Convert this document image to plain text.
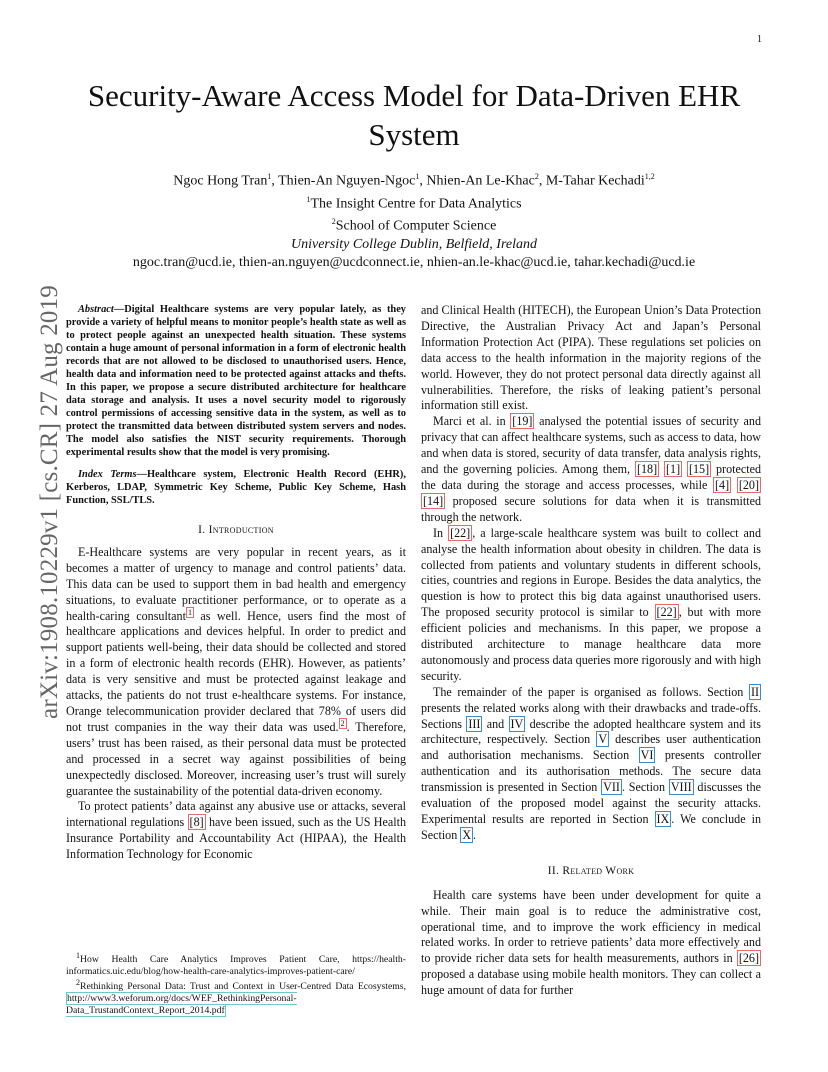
1
arXiv:1908.10229v1 [cs.CR] 27 Aug 2019
Security-Aware Access Model for Data-Driven EHR System
Ngoc Hong Tran$^1$, Thien-An Nguyen-Ngoc$^1$, Nhien-An Le-Khac$^2$, M-Tahar Kechadi$^{1,2}$
$^1$The Insight Centre for Data Analytics
$^2$School of Computer Science
University College Dublin, Belfield, Ireland
ngoc.tran@ucd.ie, thien-an.nguyen@ucdconnect.ie, nhien-an.le-khac@ucd.ie, tahar.kechadi@ucd.ie

Abstract—Digital Healthcare systems are very popular lately, as they provide a variety of helpful means to monitor people’s health state as well as to protect people against an unexpected health situation. These systems contain a huge amount of personal information in a form of electronic health records that are not allowed to be disclosed to unauthorised users. Hence, health data and information need to be protected against attacks and thefts. In this paper, we propose a secure distributed architecture for healthcare data storage and analysis. It uses a novel security model to rigorously control permissions of accessing sensitive data in the system, as well as to protect the transmitted data between distributed system servers and nodes. The model also satisfies the NIST security requirements. Thorough experimental results show that the model is very promising.

Index Terms—Healthcare system, Electronic Health Record (EHR), Kerberos, LDAP, Symmetric Key Scheme, Public Key Scheme, Hash Function, SSL/TLS.

I. Introduction

E-Healthcare systems are very popular in recent years, as it becomes a matter of urgency to manage and control patients’ data. This data can be used to support them in bad health and emergency situations, to evaluate practitioner performance, or to operate as a health-caring consultant $^1$ as well. Hence, users find the most of healthcare applications and devices helpful. In order to predict and support patients well-being, their data should be collected and stored in a form of electronic health records (EHR). However, as patients’ data is very sensitive and must be protected against leakage and attacks, the patients do not trust e-healthcare systems. For instance, Orange telecommunication provider declared that 78% of users did not trust companies in the way their data was used. $^2$ . Therefore, users’ trust has been raised, as their personal data must be protected and processed in a secret way against possibilities of being unexpectedly disclosed. Moreover, increasing user’s trust will surely guarantee the sustainability of the potential data-driven economy.

To protect patients’ data against any abusive use or attacks, several international regulations [8] have been issued, such as the US Health Insurance Portability and Accountability Act (HIPAA), the Health Information Technology for Economic

$^1$How Health Care Analytics Improves Patient Care, https://health-informatics.uic.edu/blog/how-health-care-analytics-improves-patient-care/

$^2$Rethinking Personal Data: Trust and Context in User-Centred Data Ecosystems, http://www3.weforum.org/docs/WEF_RethinkingPersonal-Data_TrustandContext_Report_2014.pdf

and Clinical Health (HITECH), the European Union’s Data Protection Directive, the Australian Privacy Act and Japan’s Personal Information Protection Act (PIPA). These regulations set policies on data access to the health information in the majority regions of the world. However, they do not protect personal data directly against all vulnerabilities. Therefore, the risks of leaking patient’s personal information still exist.

Marci et al. in [19] analysed the potential issues of security and privacy that can affect healthcare systems, such as access to data, how and when data is stored, security of data transfer, data analysis rights, and the governing policies. Among them, [18] [1] [15] protected the data during the storage and access processes, while [4] [20] [14] proposed secure solutions for data when it is transmitted through the network.

In [22] , a large-scale healthcare system was built to collect and analyse the health information about obesity in children. The data is collected from patients and voluntary students in different schools, cities, countries and regions in Europe. Besides the data analytics, the question is how to protect this big data against unauthorised users. The proposed security protocol is similar to [22] , but with more efficient policies and mechanisms. In this paper, we propose a distributed architecture to manage healthcare data more autonomously and process data queries more rigorously and with high security.

The remainder of the paper is organised as follows. Section II presents the related works along with their drawbacks and trade-offs. Sections III and IV describe the adopted healthcare system and its architecture, respectively. Section V describes user authentication and authorisation mechanisms. Section VI presents controller authentication and its authorisation methods. The secure data transmission is presented in Section VII . Section VIII discusses the evaluation of the proposed model against the security attacks. Experimental results are reported in Section IX . We conclude in Section X .

II. Related Work

Health care systems have been under development for quite a while. Their main goal is to reduce the administrative cost, operational time, and to improve the work efficiency in medical related works. In order to retrieve patients’ data more effectively and to provide richer data sets for health measurements, authors in [26] proposed a database using mobile health monitors. They can collect a huge amount of data for further
